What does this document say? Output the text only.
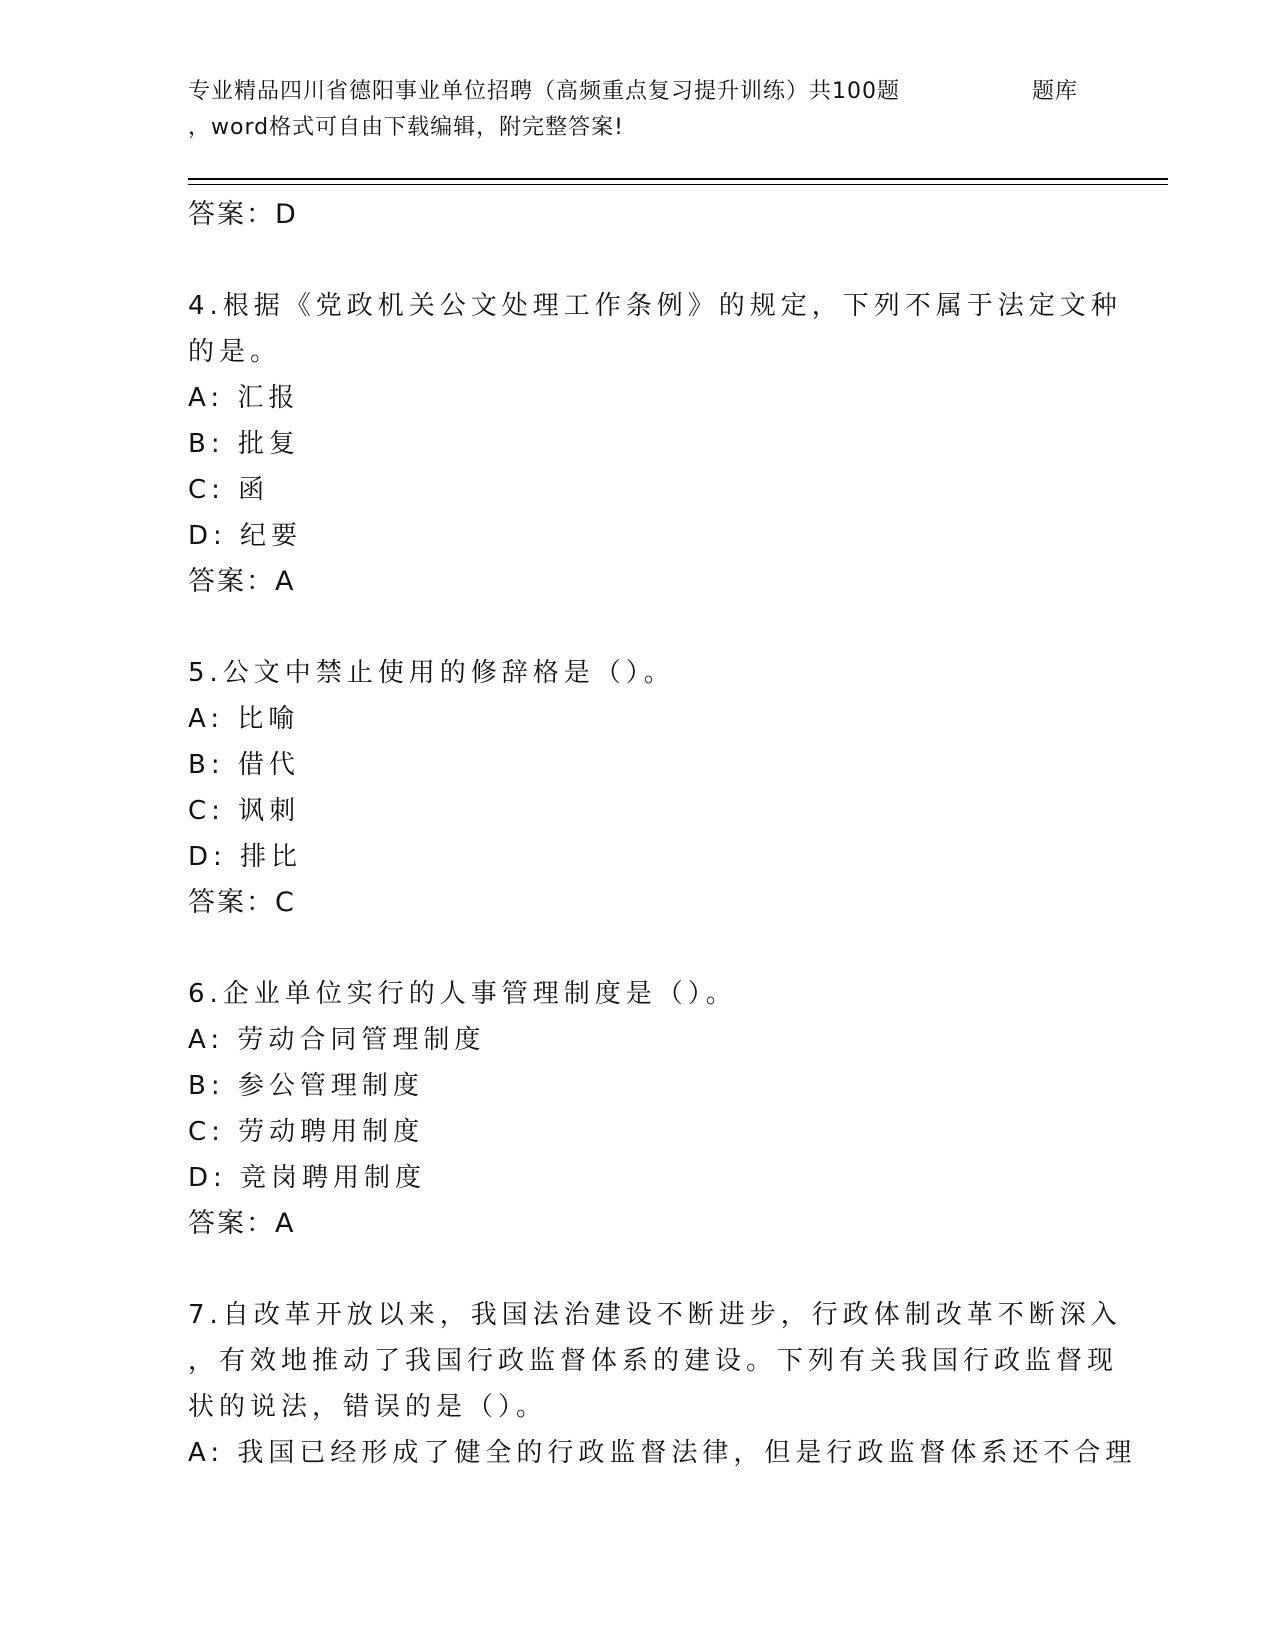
专业精品四川省德阳事业单位招聘（高频重点复习提升训练）共100题
，word格式可自由下载编辑，附完整答案!
题库
答案：D
4.根据《党政机关公文处理工作条例》的规定，下列不属于法定文种
的是。
A: 汇报
B: 批复
C: 函
D: 纪要
答案：A
5.公文中禁止使用的修辞格是（）。
A: 比喻
B: 借代
C: 讽刺
D: 排比
答案：C
6.企业单位实行的人事管理制度是（）。
A: 劳动合同管理制度
B: 参公管理制度
C: 劳动聘用制度
D: 竞岗聘用制度
答案：A
7.自改革开放以来，我国法治建设不断进步，行政体制改革不断深入
，有效地推动了我国行政监督体系的建设。下列有关我国行政监督现
状的说法，错误的是（）。
A: 我国已经形成了健全的行政监督法律，但是行政监督体系还不合理
